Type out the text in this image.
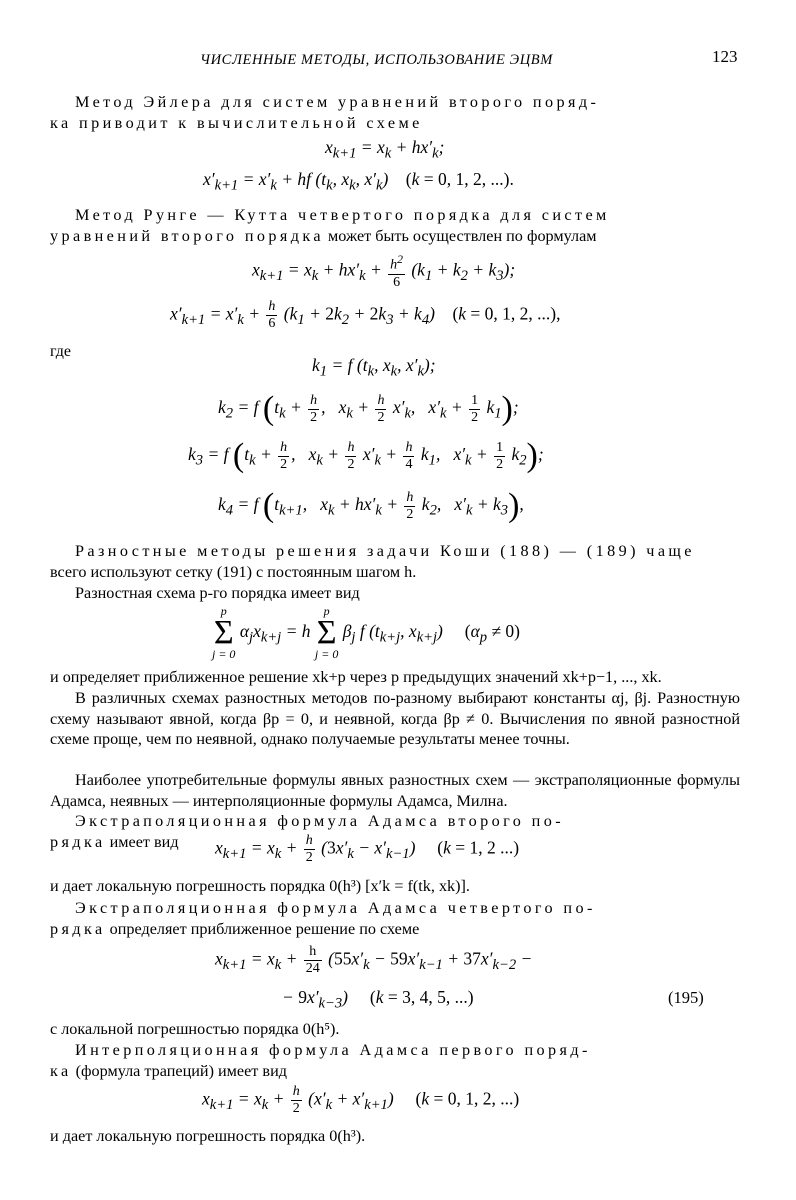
ЧИСЛЕННЫЕ МЕТОДЫ, ИСПОЛЬЗОВАНИЕ ЭЦВМ	123
Метод Эйлера для систем уравнений второго поряд-
ка приводит к вычислительной схеме
$x_{k+1} = x_k + hx'_k$;
$x'_{k+1} = x'_k$ + hf ($t_k$, $x_k$, $x'_k$)    (k = 0, 1, 2, ...).
Метод Рунге — Кутта четвертого порядка для систем
уравнений второго порядка может быть осуществлен по формулам
$x_{k+1} = x_k + hx'_k + \frac{h^2}{6} (k_1 + k_2 + k_3)$;
$x'_{k+1} = x'_k + \frac{h}{6} (k_1 + 2k_2 + 2k_3 + k_4)$    (k = 0, 1, 2, ...),
где
$k_1 = f$ ($t_k$, $x_k$, $x'_k$);
$k_2 = f$ ($t_k + \frac{h}{2}$ ,   $x_k + \frac{h}{2} x'_k$,   $x'_k + \frac{1}{2} k_1$);
$k_3 = f$ ($t_k + \frac{h}{2}$ ,   $x_k + \frac{h}{2} x'_k + \frac{h}{4} k_1$,   $x'_k + \frac{1}{2} k_2$);
$k_4 = f$ ($t_{k+1}$,   $x_k + hx'_k + \frac{h}{2} k_2$,   $x'_k + k_3$),
Разностные методы решения задачи Коши (188) — (189) чаще
всего используют сетку (191) с постоянным шагом h.
Разностная схема p-го порядка имеет вид
p
Σ
j = 0
$\alpha_jx_{k+j} = h$
p
Σ
j = 0
$\beta_j$ f ($t_{k+j}$, $x_{k+j}$)     $(\alpha_p \ne 0)$
и определяет приближенное решение xk+p через p предыдущих значений xk+p−1, ..., xk.
В различных схемах разностных методов по-разному выбирают константы αj, βj. Разностную схему называют явной, когда βp = 0, и неявной, когда βp ≠ 0. Вычисления по явной разностной схеме проще, чем по неявной, однако получаемые результаты менее точны.
Наиболее употребительные формулы явных разностных схем — экстраполяционные формулы Адамса, неявных — интерполяционные формулы Адамса, Милна.
Экстраполяционная формула Адамса второго по-
рядка имеет вид	$x_{k+1} = x_k + \frac{h}{2} (3x'_k - x'_{k-1})$     (k = 1, 2 ...)
и дает локальную погрешность порядка 0(h³) [x′k = f(tk, xk)].
Экстраполяционная формула Адамса четвертого по-
рядка определяет приближенное решение по схеме
$x_{k+1} = x_k + \frac{h}{24} (55x'_k - 59x'_{k-1} + 37x'_{k-2}$ −
− $9x'_{k-3}$)     (k = 3, 4, 5, ...)	(195)
с локальной погрешностью порядка 0(h⁵).
Интерполяционная формула Адамса первого поряд-
ка (формула трапеций) имеет вид
$x_{k+1} = x_k + \frac{h}{2} (x'_k + x'_{k+1})$     (k = 0, 1, 2, ...)
и дает локальную погрешность порядка 0(h³).
